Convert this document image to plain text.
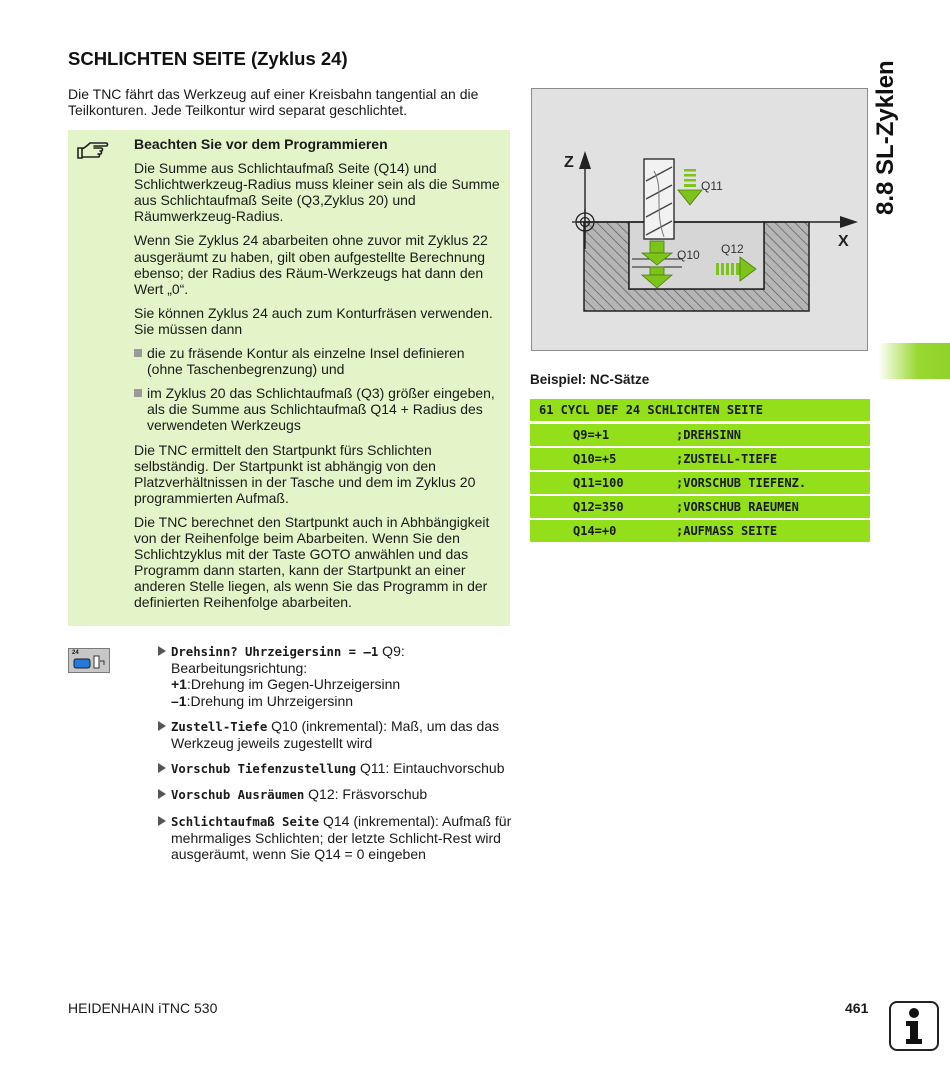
SCHLICHTEN SEITE (Zyklus 24)
Die TNC fährt das Werkzeug auf einer Kreisbahn tangential an die Teilkonturen. Jede Teilkontur wird separat geschlichtet.
Beachten Sie vor dem Programmieren

Die Summe aus Schlichtaufmaß Seite (Q14) und Schlichtwerkzeug-Radius muss kleiner sein als die Summe aus Schlichtaufmaß Seite (Q3,Zyklus 20) und Räumwerkzeug-Radius.

Wenn Sie Zyklus 24 abarbeiten ohne zuvor mit Zyklus 22 ausgeräumt zu haben, gilt oben aufgestellte Berechnung ebenso; der Radius des Räum-Werkzeugs hat dann den Wert „0“.

Sie können Zyklus 24 auch zum Konturfräsen verwenden. Sie müssen dann

die zu fräsende Kontur als einzelne Insel definieren (ohne Taschenbegrenzung) und
im Zyklus 20 das Schlichtaufmaß (Q3) größer eingeben, als die Summe aus Schlichtaufmaß Q14 + Radius des verwendeten Werkzeugs

Die TNC ermittelt den Startpunkt fürs Schlichten selbständig. Der Startpunkt ist abhängig von den Platzverhältnissen in der Tasche und dem im Zyklus 20 programmierten Aufmaß.

Die TNC berechnet den Startpunkt auch in Abhbängigkeit von der Reihenfolge beim Abarbeiten. Wenn Sie den Schlichtzyklus mit der Taste GOTO anwählen und das Programm dann starten, kann der Startpunkt an einer anderen Stelle liegen, als wenn Sie das Programm in der definierten Reihenfolge abarbeiten.

24	Drehsinn? Uhrzeigersinn = –1 Q9:
Bearbeitungsrichtung:
+1:Drehung im Gegen-Uhrzeigersinn
–1:Drehung im Uhrzeigersinn
Zustell-Tiefe Q10 (inkremental): Maß, um das das Werkzeug jeweils zugestellt wird
Vorschub Tiefenzustellung Q11: Eintauchvorschub
Vorschub Ausräumen Q12: Fräsvorschub
Schlichtaufmaß Seite Q14 (inkremental): Aufmaß für mehrmaliges Schlichten; der letzte Schlicht-Rest wird ausgeräumt, wenn Sie Q14 = 0 eingeben
Z
X
Q11
Q10 Q12
8.8 SL-Zyklen
Beispiel: NC-Sätze
61 CYCL DEF 24 SCHLICHTEN SEITE
Q9=+1	;DREHSINN
Q10=+5	;ZUSTELL-TIEFE
Q11=100	;VORSCHUB TIEFENZ.
Q12=350	;VORSCHUB RAEUMEN
Q14=+0	;AUFMASS SEITE
HEIDENHAIN iTNC 530	461
